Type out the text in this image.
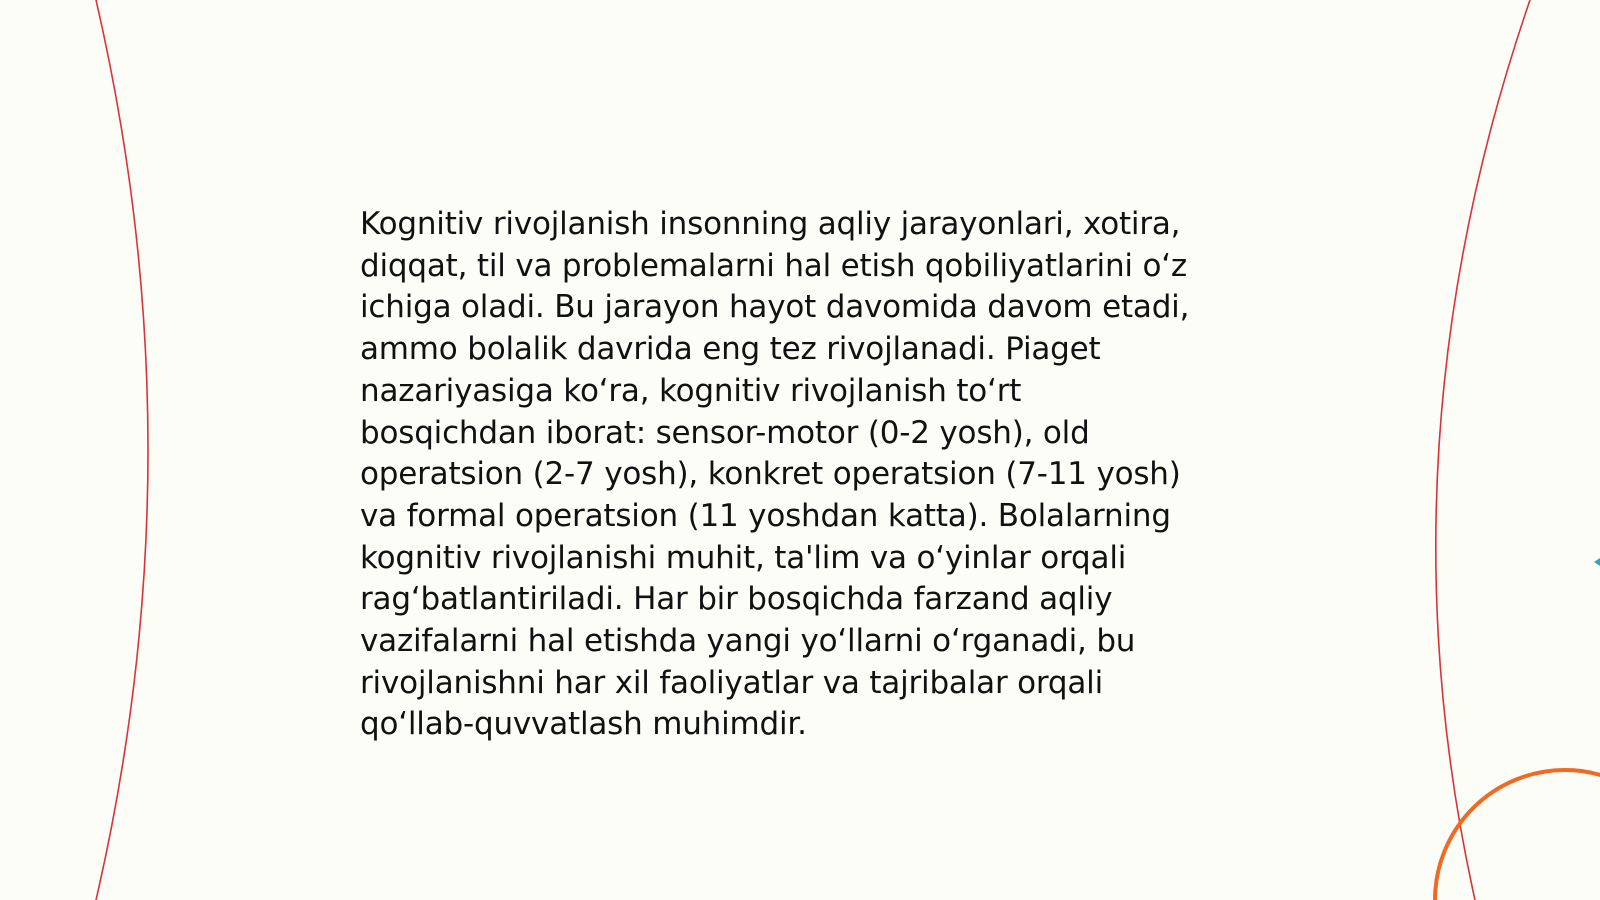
Kognitiv rivojlanish insonning aqliy jarayonlari, xotira,
diqqat, til va problemalarni hal etish qobiliyatlarini oʻz
ichiga oladi. Bu jarayon hayot davomida davom etadi,
ammo bolalik davrida eng tez rivojlanadi. Piaget
nazariyasiga koʻra, kognitiv rivojlanish toʻrt
bosqichdan iborat: sensor-motor (0-2 yosh), old
operatsion (2-7 yosh), konkret operatsion (7-11 yosh)
va formal operatsion (11 yoshdan katta). Bolalarning
kognitiv rivojlanishi muhit, ta'lim va oʻyinlar orqali
ragʻbatlantiriladi. Har bir bosqichda farzand aqliy
vazifalarni hal etishda yangi yoʻllarni oʻrganadi, bu
rivojlanishni har xil faoliyatlar va tajribalar orqali
qoʻllab-quvvatlash muhimdir.
